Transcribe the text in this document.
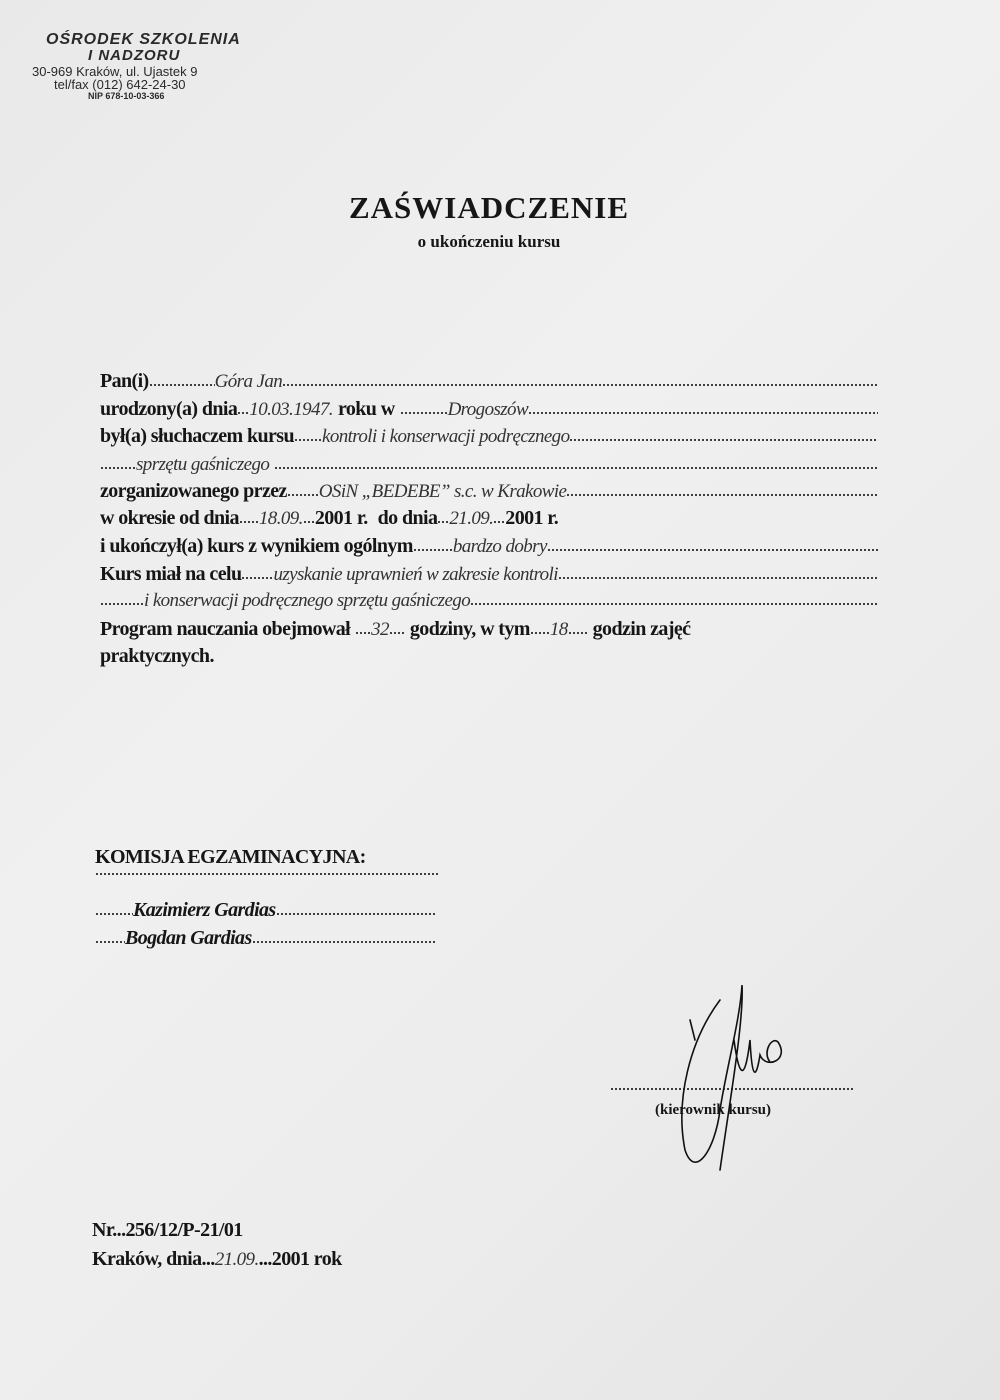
OŚRODEK SZKOLENIA
I NADZORU
30-969 Kraków, ul. Ujastek 9
tel/fax (012) 642-24-30
NIP 678-10-03-366
ZAŚWIADCZENIE
o ukończeniu kursu
Pan(i)	Góra Jan
urodzony(a) dnia 10.03.1947.
roku w
	Drogoszów
był(a) słuchaczem kursu kontroli i konserwacji podręcznego
sprzętu gaśniczego

zorganizowanego przez OSiN „BEDEBE” s.c. w Krakowie
w okresie od dnia 18.09. 2001 r.
do dnia 21.09. 2001 r.
i ukończył(a) kurs z wynikiem ogólnym bardzo dobry
Kurs miał na celu uzyskanie uprawnień w zakresie kontroli
i konserwacji podręcznego sprzętu gaśniczego
Program nauczania obejmował
32
godziny, w tym 18
godzin zajęć
praktycznych.
KOMISJA EGZAMINACYJNA:
Kazimierz Gardias
Bogdan Gardias
(kierownik kursu)
Nr... 256/12/P-21/01
Kraków, dnia... 21.09. ...2001 rok
